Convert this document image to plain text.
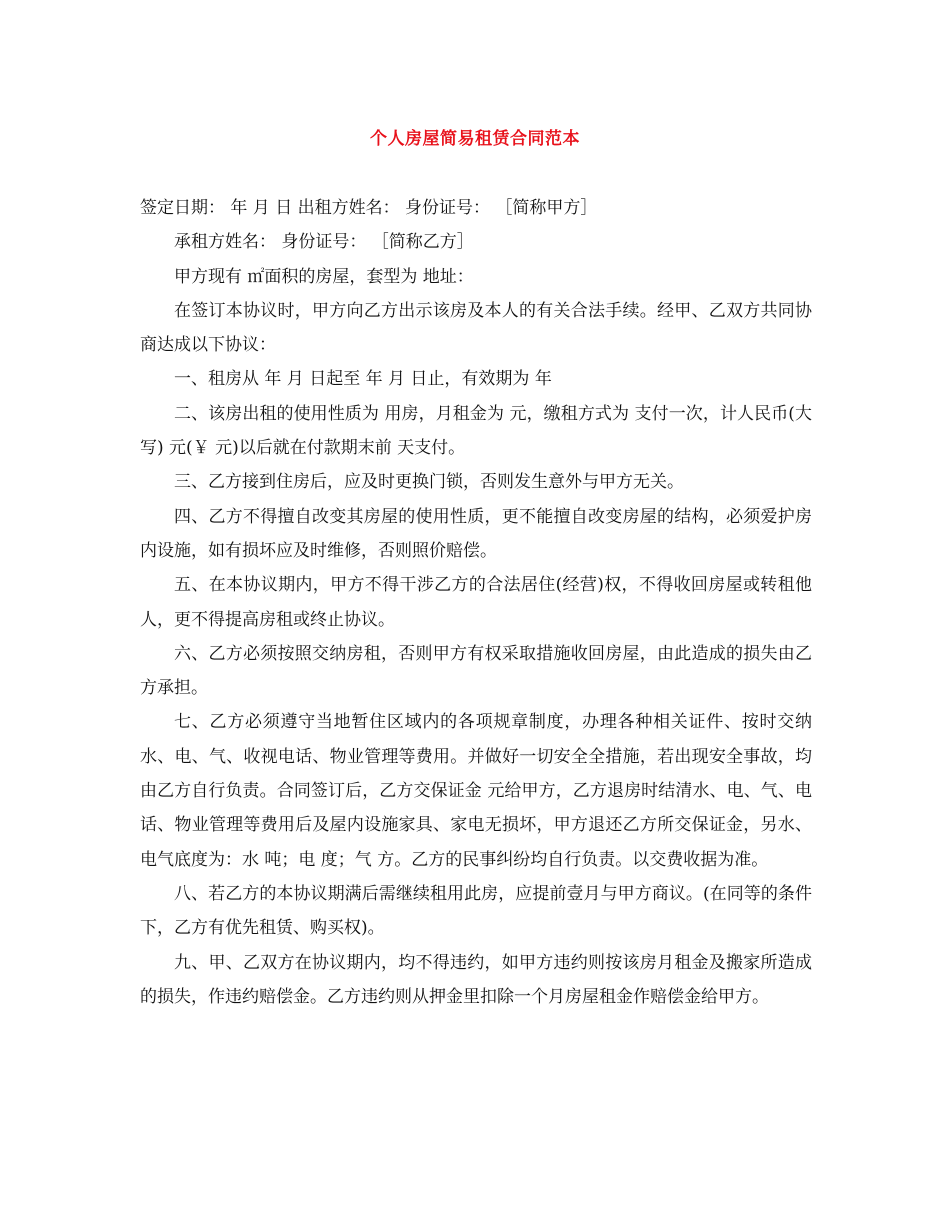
个人房屋简易租赁合同范本

签定日期： 年 月 日 出租方姓名： 身份证号： ［简称甲方］

承租方姓名： 身份证号： ［简称乙方］

甲方现有 ㎡面积的房屋，套型为 地址：

在签订本协议时，甲方向乙方出示该房及本人的有关合法手续。经甲、乙双方共同协商达成以下协议：

一、租房从 年 月 日起至 年 月 日止，有效期为 年

二、该房出租的使用性质为 用房，月租金为 元，缴租方式为 支付一次，计人民币(大写) 元(￥ 元)以后就在付款期末前 天支付。

三、乙方接到住房后，应及时更换门锁，否则发生意外与甲方无关。

四、乙方不得擅自改变其房屋的使用性质，更不能擅自改变房屋的结构，必须爱护房内设施，如有损坏应及时维修，否则照价赔偿。

五、在本协议期内，甲方不得干涉乙方的合法居住(经营)权，不得收回房屋或转租他人，更不得提高房租或终止协议。

六、乙方必须按照交纳房租，否则甲方有权采取措施收回房屋，由此造成的损失由乙方承担。

七、乙方必须遵守当地暂住区域内的各项规章制度，办理各种相关证件、按时交纳水、电、气、收视电话、物业管理等费用。并做好一切安全全措施，若出现安全事故，均由乙方自行负责。合同签订后，乙方交保证金 元给甲方，乙方退房时结清水、电、气、电话、物业管理等费用后及屋内设施家具、家电无损坏，甲方退还乙方所交保证金，另水、电气底度为：水 吨；电 度；气 方。乙方的民事纠纷均自行负责。以交费收据为准。

八、若乙方的本协议期满后需继续租用此房，应提前壹月与甲方商议。(在同等的条件下，乙方有优先租赁、购买权)。

九、甲、乙双方在协议期内，均不得违约，如甲方违约则按该房月租金及搬家所造成的损失，作违约赔偿金。乙方违约则从押金里扣除一个月房屋租金作赔偿金给甲方。
